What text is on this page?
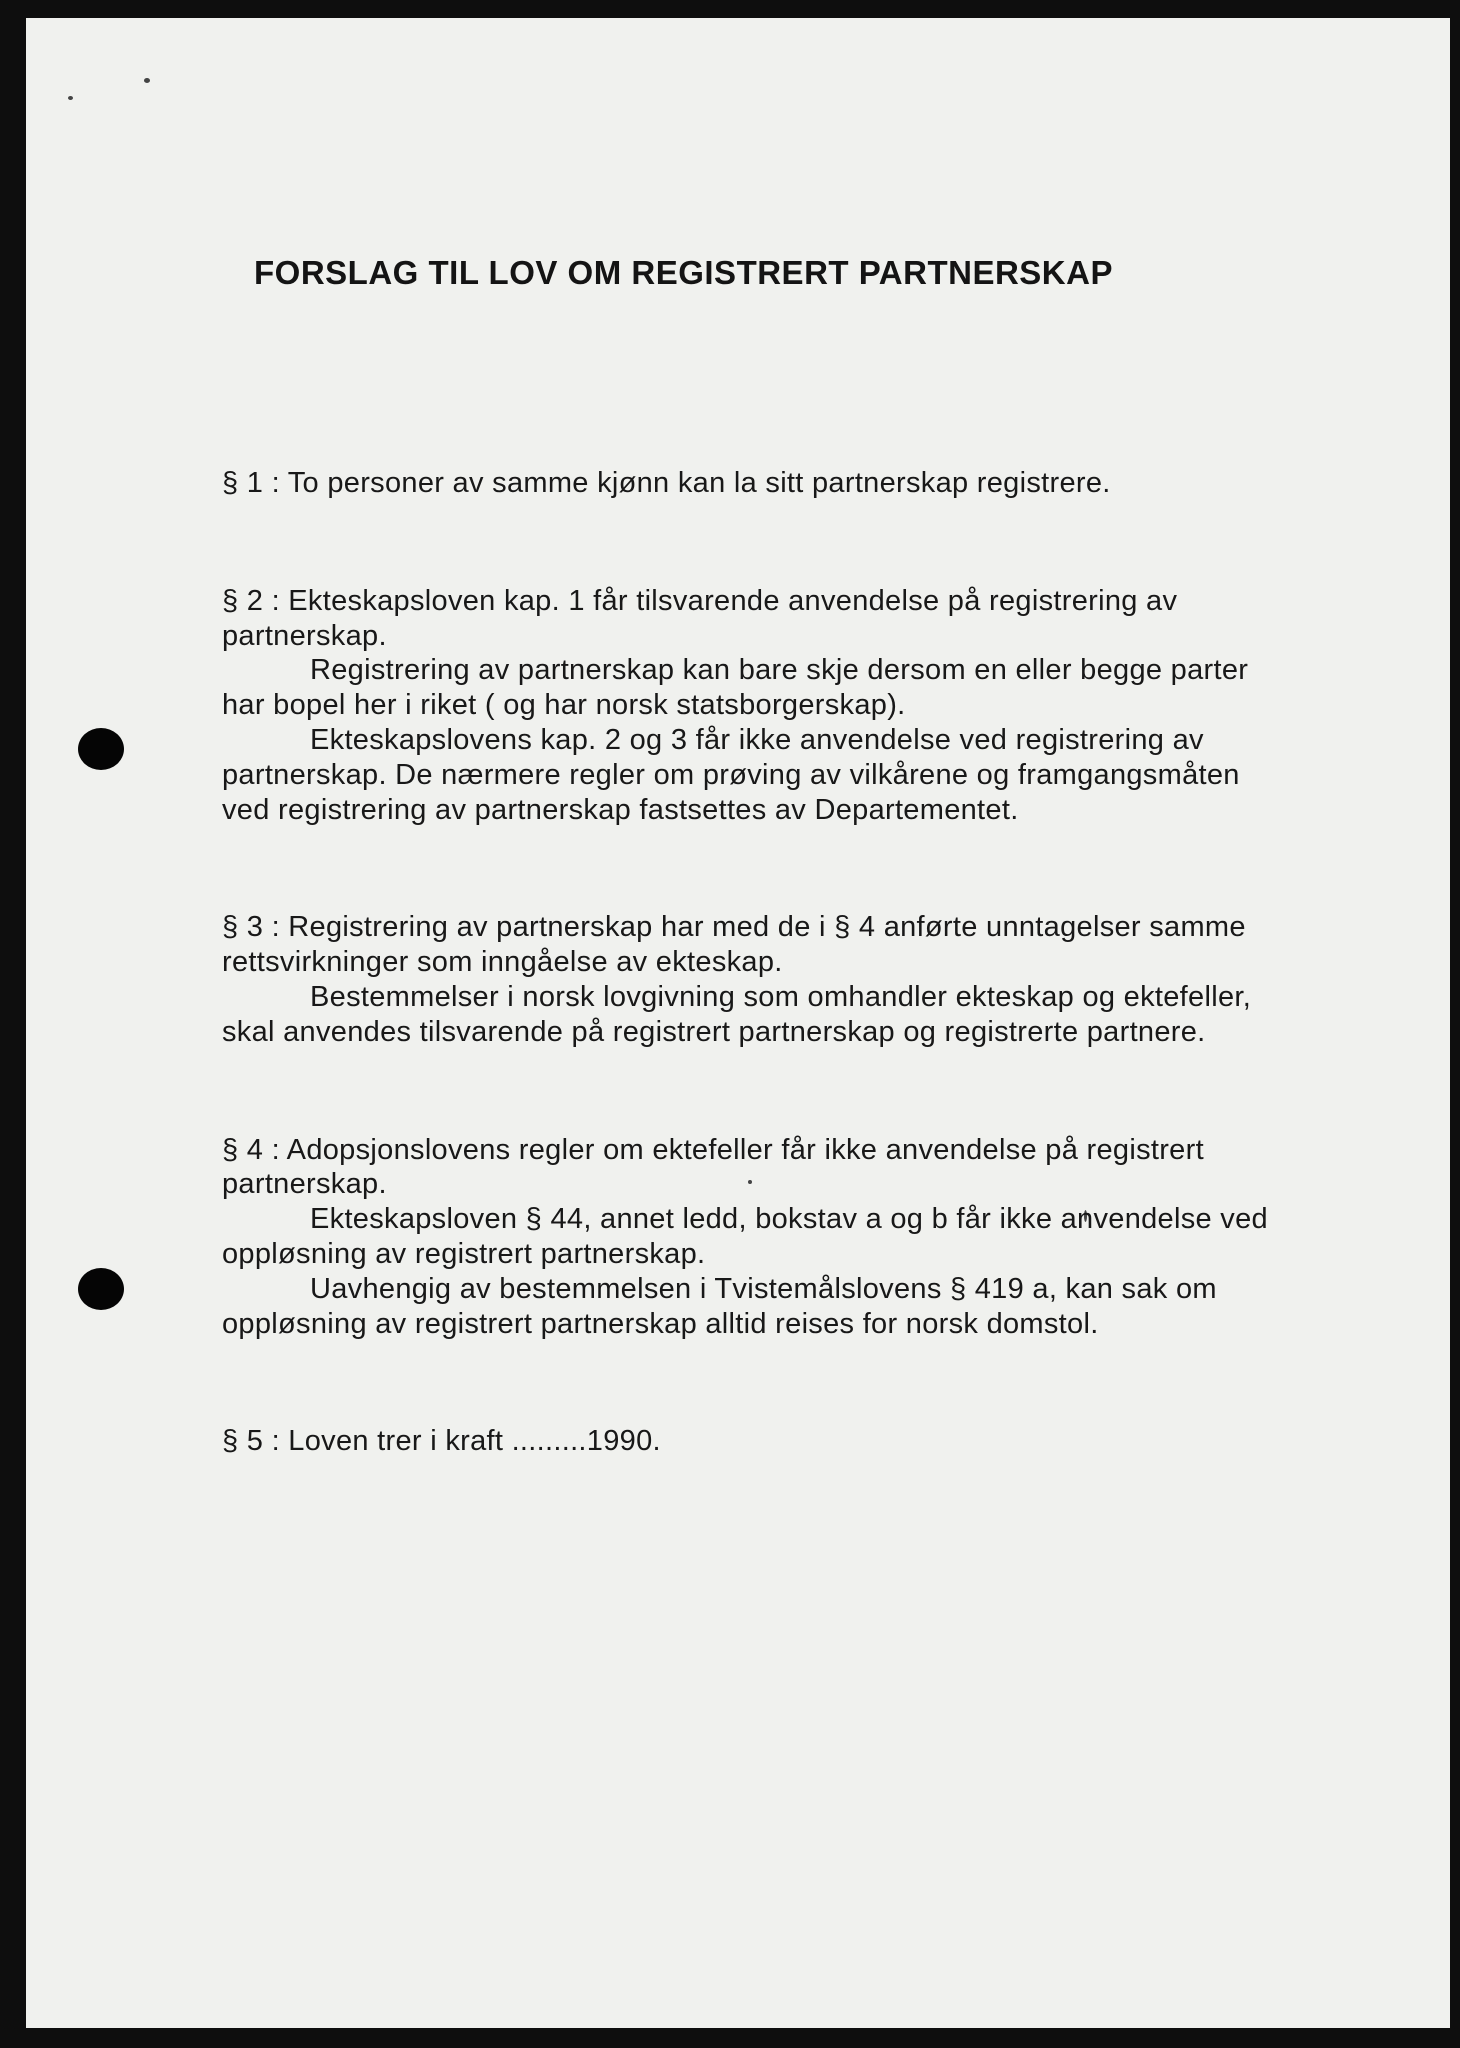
FORSLAG TIL LOV OM REGISTRERT PARTNERSKAP

§ 1 : To personer av samme kjønn kan la sitt partnerskap registrere.

§ 2 : Ekteskapsloven kap. 1 får tilsvarende anvendelse på registrering av partnerskap.

Registrering av partnerskap kan bare skje dersom en eller begge parter har bopel her i riket ( og har norsk statsborgerskap).

Ekteskapslovens kap. 2 og 3 får ikke anvendelse ved registrering av partnerskap. De nærmere regler om prøving av vilkårene og framgangsmåten ved registrering av partnerskap fastsettes av Departementet.

§ 3 : Registrering av partnerskap har med de i § 4 anførte unntagelser samme rettsvirkninger som inngåelse av ekteskap.

Bestemmelser i norsk lovgivning som omhandler ekteskap og ektefeller, skal anvendes tilsvarende på registrert partnerskap og registrerte partnere.

§ 4 : Adopsjonslovens regler om ektefeller får ikke anvendelse på registrert partnerskap.

Ekteskapsloven § 44, annet ledd, bokstav a og b får ikke anvendelse ved oppløsning av registrert partnerskap.

Uavhengig av bestemmelsen i Tvistemålslovens § 419 a, kan sak om oppløsning av registrert partnerskap alltid reises for norsk domstol.

§ 5 : Loven trer i kraft .........1990.
